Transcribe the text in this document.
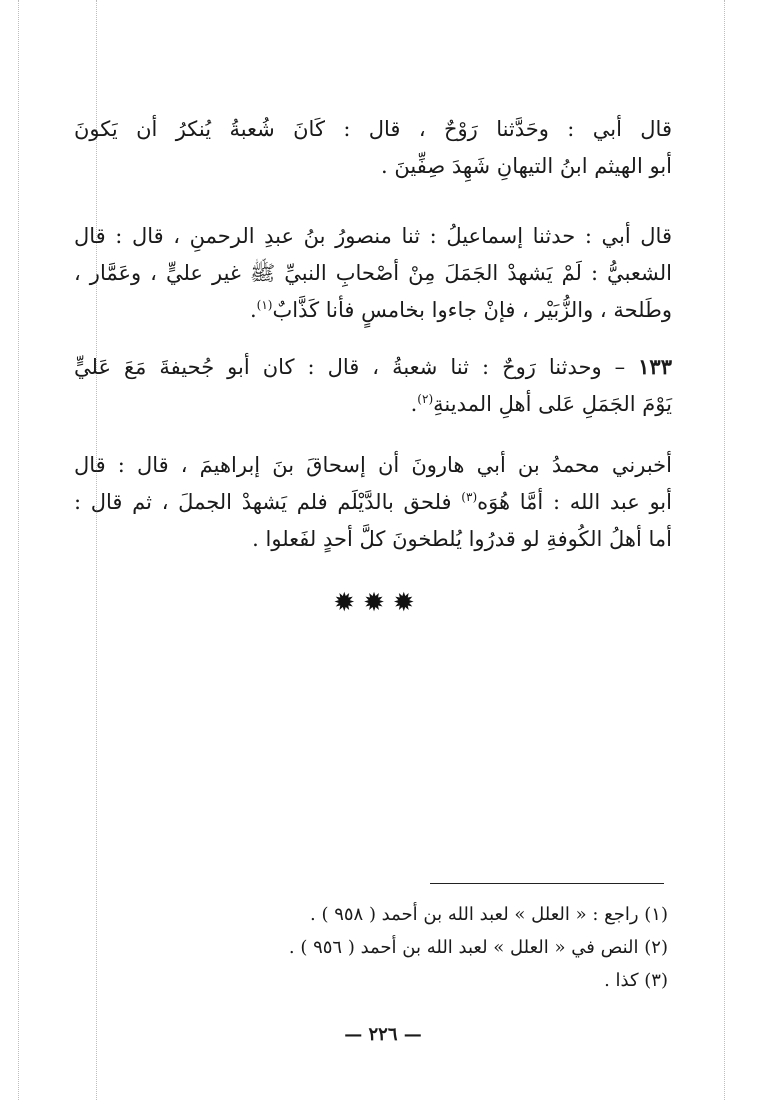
قال أبي : وحَدَّثنا رَوْحٌ ، قال : كَانَ شُعبةُ يُنكرُ أن يَكونَ

أبو الهيثم ابنُ التيهانِ شَهِدَ صِفِّينَ .

قال أبي : حدثنا إسماعيلُ : ثنا منصورُ بنُ عبدِ الرحمنِ ، قال : قال

الشعبيُّ : لَمْ يَشهدْ الجَمَلَ مِنْ أصْحابِ النبيِّ ﷺ غير عليٍّ ، وعَمَّار ،

وطَلحة ، والزُّبَيْر ، فإنْ جاءوا بخامسٍ فأنا كَذَّابٌ$^{(١)}$.

١٣٣ – وحدثنا رَوحٌ : ثنا شعبةُ ، قال : كان أبو جُحيفةَ مَعَ عَليٍّ

يَوْمَ الجَمَلِ عَلى أهلِ المدينةِ$^{(٢)}$.

أخبرني محمدُ بن أبي هارونَ أن إسحاقَ بنَ إبراهيمَ ، قال : قال

أبو عبد الله : أمَّا هُوَه$^{(٣)}$ فلحق بالدَّيْلَم فلم يَشهدْ الجملَ ، ثم قال :

أما أهلُ الكُوفةِ لو قدرُوا يُلطخونَ كلَّ أحدٍ لفَعلوا .

✹✹✹

(١) راجع : « العلل » لعبد الله بن أحمد ( ٩٥٨ ) .

(٢) النص في « العلل » لعبد الله بن أحمد ( ٩٥٦ ) .

(٣) كذا .

— ٢٢٦ —
